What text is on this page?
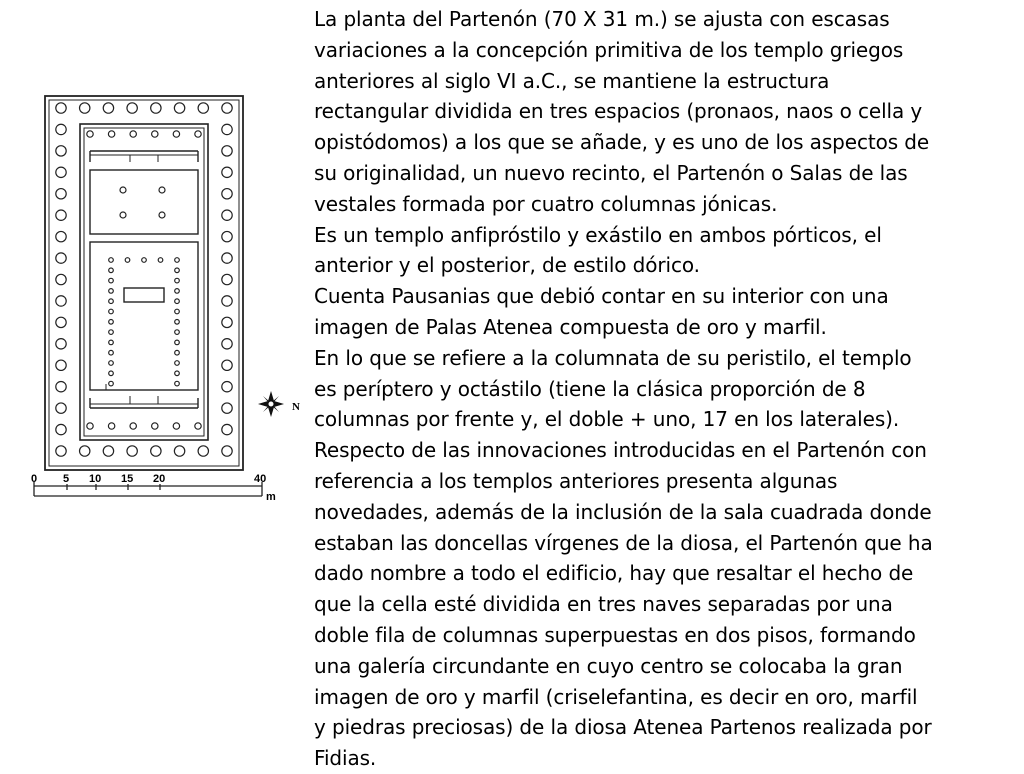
0 5 10 15 20	40
m
N
La planta del Partenón (70 X 31 m.) se ajusta con escasas
variaciones a la concepción primitiva de los templo griegos
anteriores al siglo VI a.C., se mantiene la estructura
rectangular dividida en tres espacios (pronaos, naos o cella y
opistódomos) a los que se añade, y es uno de los aspectos de
su originalidad, un nuevo recinto, el Partenón o Salas de las
vestales formada por cuatro columnas jónicas.
Es un templo anfipróstilo y exástilo en ambos pórticos, el
anterior y el posterior, de estilo dórico.
Cuenta Pausanias que debió contar en su interior con una
imagen de Palas Atenea compuesta de oro y marfil.
En lo que se refiere a la columnata de su peristilo, el templo
es períptero y octástilo (tiene la clásica proporción de 8
columnas por frente y, el doble + uno, 17 en los laterales).
Respecto de las innovaciones introducidas en el Partenón con
referencia a los templos anteriores presenta algunas
novedades, además de la inclusión de la sala cuadrada donde
estaban las doncellas vírgenes de la diosa, el Partenón que ha
dado nombre a todo el edificio, hay que resaltar el hecho de
que la cella esté dividida en tres naves separadas por una
doble fila de columnas superpuestas en dos pisos, formando
una galería circundante en cuyo centro se colocaba la gran
imagen de oro y marfil (criselefantina, es decir en oro, marfil
y piedras preciosas) de la diosa Atenea Partenos realizada por
Fidias.
